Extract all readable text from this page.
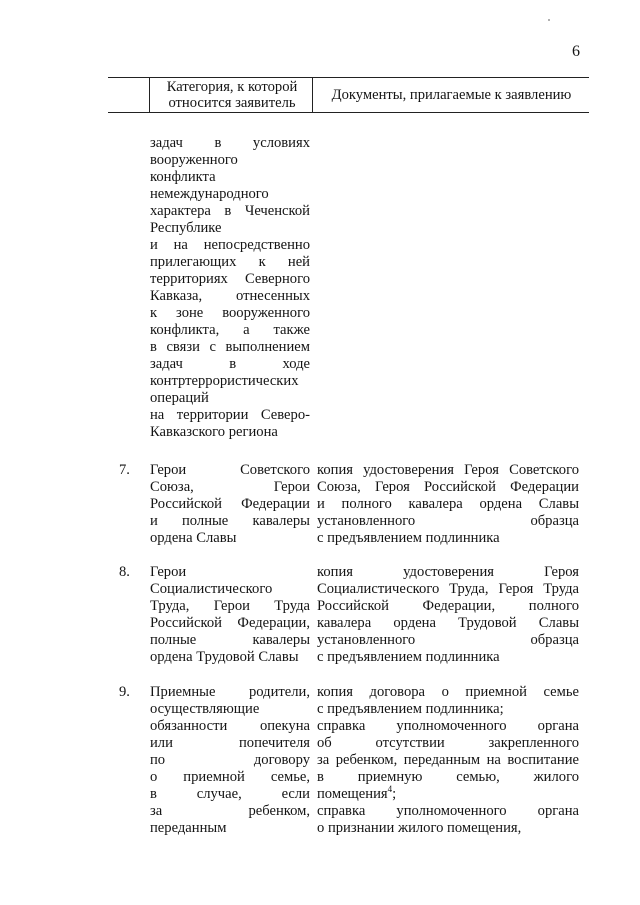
6
Категория, к которой
относится заявитель	Документы, прилагаемые к заявлению
задач в условиях
вооруженного
конфликта
немеждународного
характера в Чеченской
Республике
и на непосредственно
прилегающих к ней
территориях Северного
Кавказа, отнесенных
к зоне вооруженного
конфликта, а также
в связи с выполнением
задач в ходе
контртеррористических
операций
на территории Северо-
Кавказского региона
7. Герои Советского
Союза, Герои
Российской Федерации
и полные кавалеры
ордена Славы
копия удостоверения Героя Советского
Союза, Героя Российской Федерации
и полного кавалера ордена Славы
установленного образца
с предъявлением подлинника
8. Герои
Социалистического
Труда, Герои Труда
Российской Федерации,
полные кавалеры
ордена Трудовой Славы
копия удостоверения Героя
Социалистического Труда, Героя Труда
Российской Федерации, полного
кавалера ордена Трудовой Славы
установленного образца
с предъявлением подлинника
9. Приемные родители,
осуществляющие
обязанности опекуна
или попечителя
по договору
о приемной семье,
в случае, если
за ребенком,
переданным
копия договора о приемной семье
с предъявлением подлинника;
справка уполномоченного органа
об отсутствии закрепленного
за ребенком, переданным на воспитание
в приемную семью, жилого
помещения$^4$;
справка уполномоченного органа
о признании жилого помещения,
